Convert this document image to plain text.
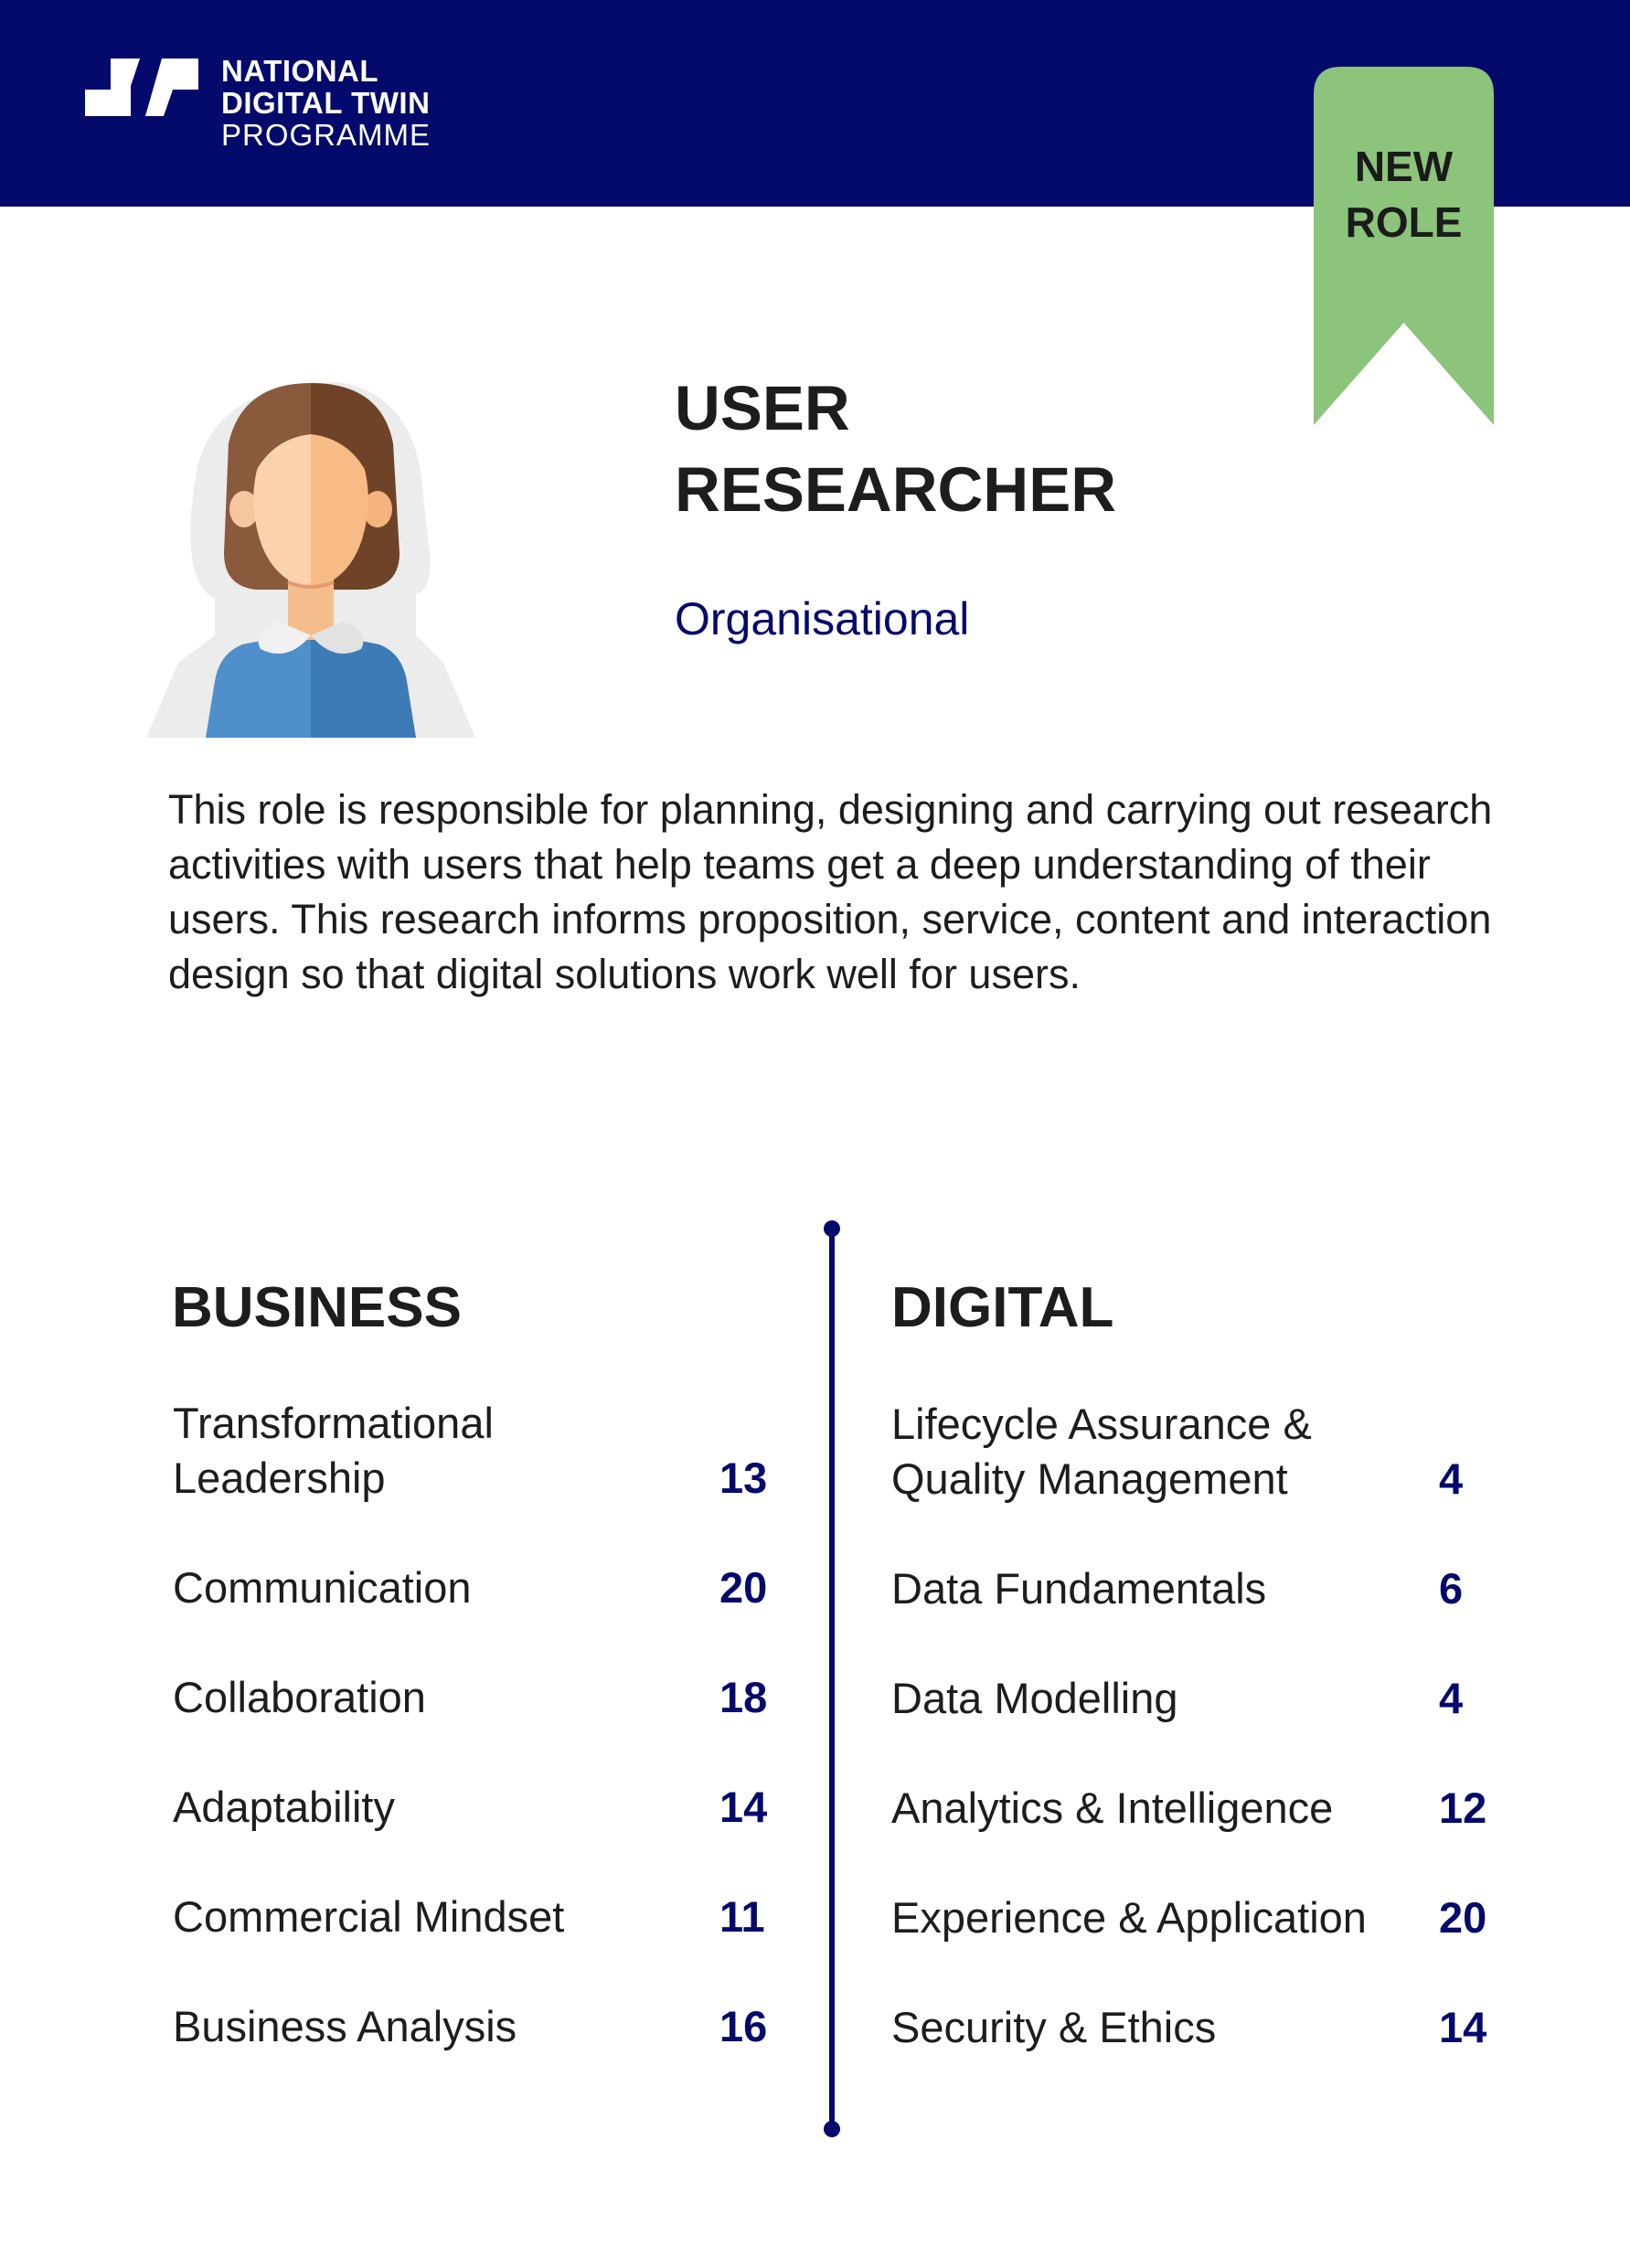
NATIONAL
DIGITAL TWIN
PROGRAMME
NEW
ROLE
USER
RESEARCHER
Organisational
This role is responsible for planning, designing and carrying out research activities with users that help teams get a deep understanding of their users. This research informs proposition, service, content and interaction design so that digital solutions work well for users.
BUSINESS
Transformational
Leadership	13
Communication	20
Collaboration	18
Adaptability	14
Commercial Mindset	11
Business Analysis	16
DIGITAL
Lifecycle Assurance &
Quality Management	4
Data Fundamentals	6
Data Modelling	4
Analytics & Intelligence 12
Experience & Application 20
Security & Ethics	14
